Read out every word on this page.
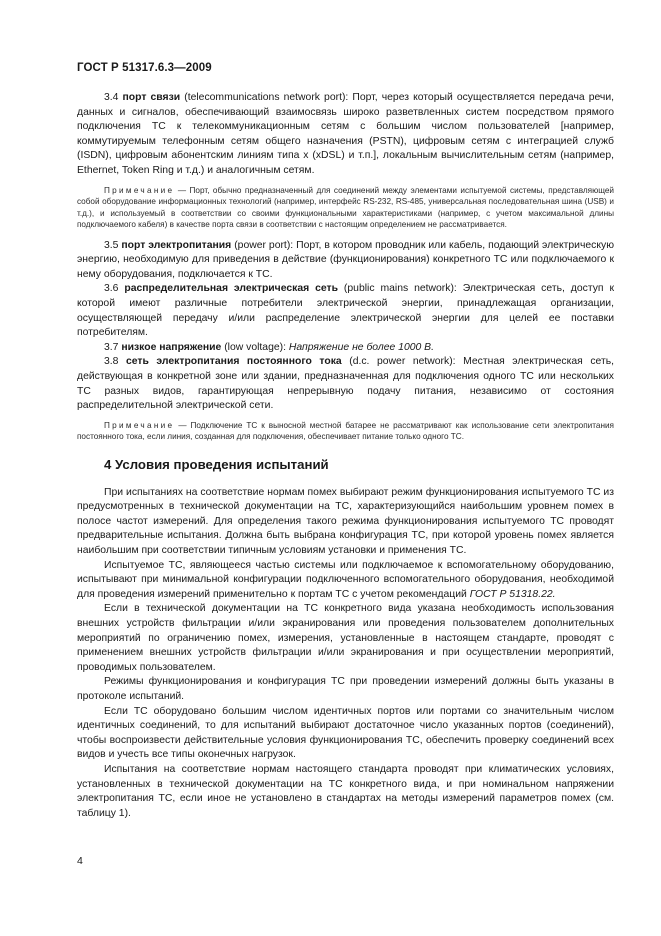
ГОСТ Р 51317.6.3—2009

3.4 порт связи (telecommunications network port): Порт, через который осуществляется передача речи, данных и сигналов, обеспечивающий взаимосвязь широко разветвленных систем посредством прямого подключения ТС к телекоммуникационным сетям с большим числом пользователей [например, коммутируемым телефонным сетям общего назначения (PSTN), цифровым сетям с интеграцией служб (ISDN), цифровым абонентским линиям типа x (xDSL) и т.п.], локальным вычислительным сетям (например, Ethernet, Token Ring и т.д.) и аналогичным сетям.

Примечание — Порт, обычно предназначенный для соединений между элементами испытуемой системы, представляющей собой оборудование информационных технологий (например, интерфейс RS-232, RS-485, универсальная последовательная шина (USB) и т.д.), и используемый в соответствии со своими функциональными характеристиками (например, с учетом максимальной длины подключаемого кабеля) в качестве порта связи в соответствии с настоящим определением не рассматривается.

3.5 порт электропитания (power port): Порт, в котором проводник или кабель, подающий электрическую энергию, необходимую для приведения в действие (функционирования) конкретного ТС или подключаемого к нему оборудования, подключается к ТС.

3.6 распределительная электрическая сеть (public mains network): Электрическая сеть, доступ к которой имеют различные потребители электрической энергии, принадлежащая организации, осуществляющей передачу и/или распределение электрической энергии для целей ее поставки потребителям.

3.7 низкое напряжение (low voltage): Напряжение не более 1000 В.

3.8 сеть электропитания постоянного тока (d.c. power network): Местная электрическая сеть, действующая в конкретной зоне или здании, предназначенная для подключения одного ТС или нескольких ТС разных видов, гарантирующая непрерывную подачу питания, независимо от состояния распределительной электрической сети.

Примечание — Подключение ТС к выносной местной батарее не рассматривают как использование сети электропитания постоянного тока, если линия, созданная для подключения, обеспечивает питание только одного ТС.

4 Условия проведения испытаний

При испытаниях на соответствие нормам помех выбирают режим функционирования испытуемого ТС из предусмотренных в технической документации на ТС, характеризующийся наибольшим уровнем помех в полосе частот измерений. Для определения такого режима функционирования испытуемого ТС проводят предварительные испытания. Должна быть выбрана конфигурация ТС, при которой уровень помех является наибольшим при соответствии типичным условиям установки и применения ТС.

Испытуемое ТС, являющееся частью системы или подключаемое к вспомогательному оборудованию, испытывают при минимальной конфигурации подключенного вспомогательного оборудования, необходимой для проведения измерений применительно к портам ТС с учетом рекомендаций ГОСТ Р 51318.22.

Если в технической документации на ТС конкретного вида указана необходимость использования внешних устройств фильтрации и/или экранирования или проведения пользователем дополнительных мероприятий по ограничению помех, измерения, установленные в настоящем стандарте, проводят с применением внешних устройств фильтрации и/или экранирования и при осуществлении мероприятий, проводимых пользователем.

Режимы функционирования и конфигурация ТС при проведении измерений должны быть указаны в протоколе испытаний.

Если ТС оборудовано большим числом идентичных портов или портами со значительным числом идентичных соединений, то для испытаний выбирают достаточное число указанных портов (соединений), чтобы воспроизвести действительные условия функционирования ТС, обеспечить проверку соединений всех видов и учесть все типы оконечных нагрузок.

Испытания на соответствие нормам настоящего стандарта проводят при климатических условиях, установленных в технической документации на ТС конкретного вида, и при номинальном напряжении электропитания ТС, если иное не установлено в стандартах на методы измерений параметров помех (см. таблицу 1).

4
